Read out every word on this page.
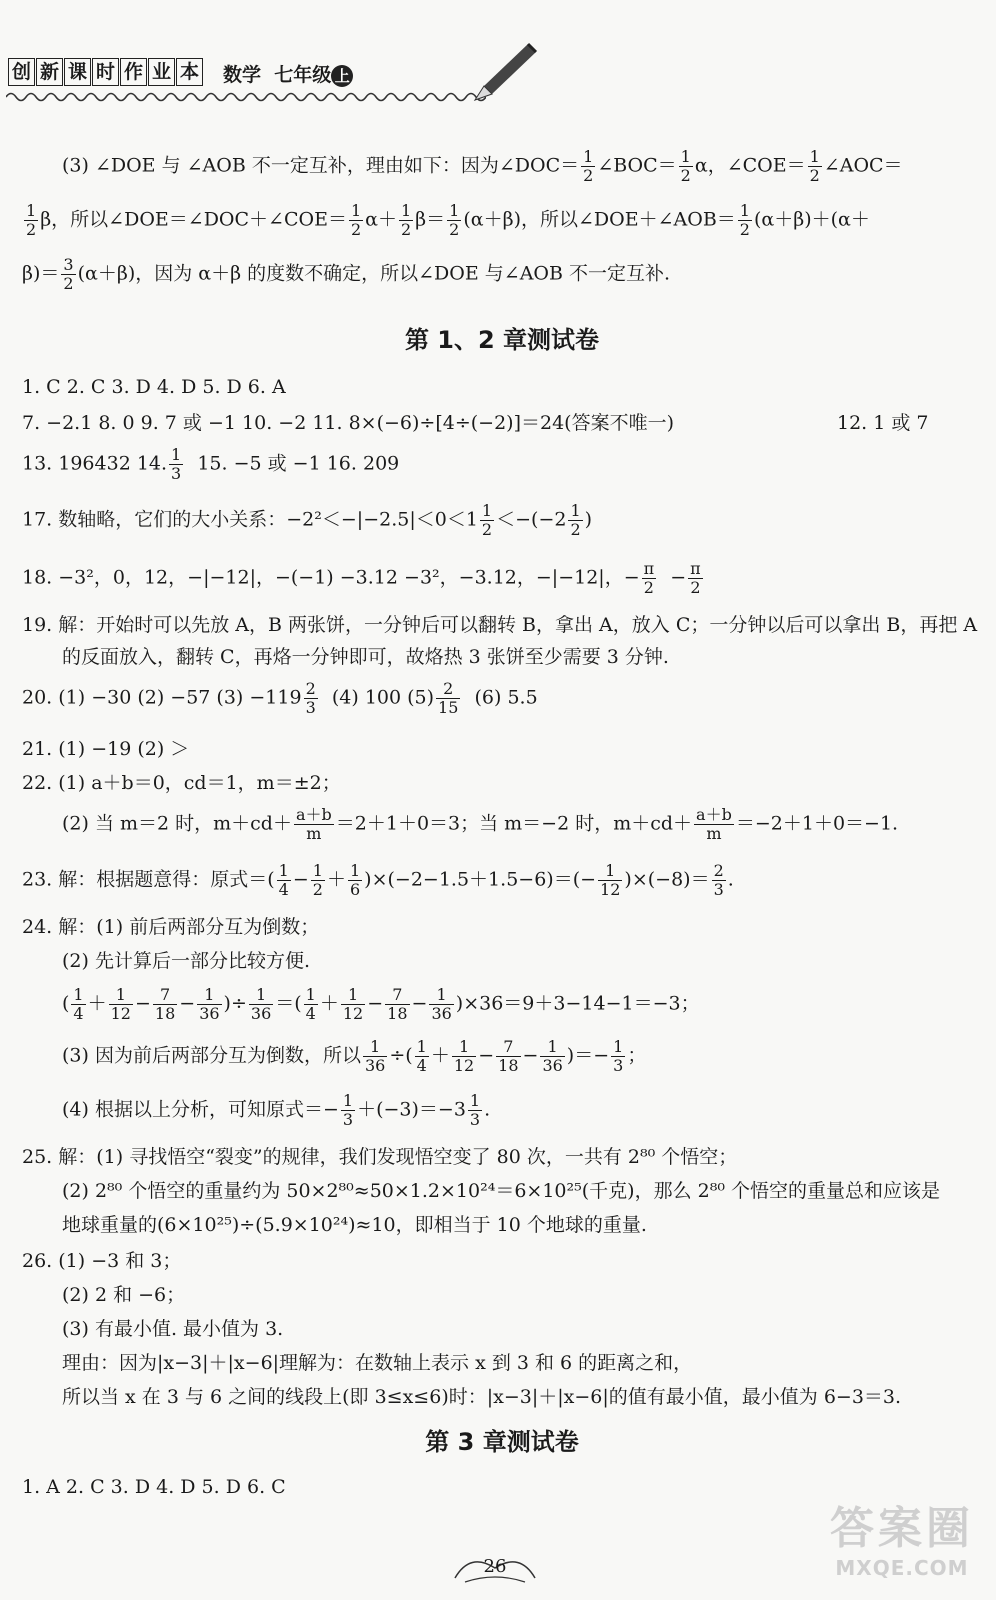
创 新 课 时 作 业 本 数学 七年级 上
(3) ∠DOE 与 ∠AOB 不一定互补，理由如下：因为∠DOC＝ $\frac{1}{2}$ ∠BOC＝ $\frac{1}{2}$ α，∠COE＝ $\frac{1}{2}$ ∠AOC＝
$\frac{1}{2}$ β，所以∠DOE＝∠DOC＋∠COE＝ $\frac{1}{2} \alpha+ \frac{1}{2} \beta= \frac{1}{2} (\alpha+\beta)$，所以∠DOE＋∠AOB＝ $\frac{1}{2} (\alpha+\beta)+(\alpha+$
$\beta)= \frac{3}{2} (\alpha+\beta)$，因为 α＋β 的度数不确定，所以∠DOE 与∠AOB 不一定互补.
第 1、2 章测试卷
1. C 2. C 3. D 4. D 5. D 6. A
7. −2.1 8. 0 9. 7 或 −1 10. −2 11. 8×(−6)÷[4÷(−2)]＝24(答案不唯一)	12. 1 或 7
13. 196432 14. $\frac{1}{3} 15$. −5 或 −1 16. 209
17. 数轴略，它们的大小关系：$-2^2<-|-2.5|<0<1 \frac{1}{2} <-(-2 \frac{1}{2}$ )
18. −3²，0，12，−|−12|，−(−1) −3.12 −3²，−3.12，−|−12|，− $\frac{\pi}{2} - \frac{\pi}{2}$
19. 解：开始时可以先放 A，B 两张饼，一分钟后可以翻转 B，拿出 A，放入 C；一分钟以后可以拿出 B，再把 A
的反面放入，翻转 C，再烙一分钟即可，故烙热 3 张饼至少需要 3 分钟.
20. (1) −30 (2) −57 $(3) -119 \frac{2}{3} (4)$ 100 $(5) \frac{2}{15} (6)$ 5.5
21. (1) −19 (2) ＞
22. (1) a＋b＝0，cd＝1，m＝±2；
(2) 当 m＝2 时，$m+cd+ \frac{a+b}{m} =2+1+0=3$；当 m＝−2 时，$m+cd+ \frac{a+b}{m} =-2+1+0=-1$.
23. 解：根据题意得：原式＝( $\frac{1}{4} - \frac{1}{2} + \frac{1}{6} )\times(-2-1.5+1.5-6)=(- \frac{1}{12} )\times(-8)= \frac{2}{3}$ .
24. 解：(1) 前后两部分互为倒数；
(2) 先计算后一部分比较方便.
( $\frac{1}{4} + \frac{1}{12} - \frac{7}{18} - \frac{1}{36}$ )÷ $\frac{1}{36}$ ＝( $\frac{1}{4} + \frac{1}{12} - \frac{7}{18} - \frac{1}{36} )\times 36=9+3-14-1=-3$；
(3) 因为前后两部分互为倒数，所以 $\frac{1}{36}$ ÷( $\frac{1}{4} + \frac{1}{12} - \frac{7}{18} - \frac{1}{36}$ )＝− $\frac{1}{3}$ ；
(4) 根据以上分析，可知原式＝− $\frac{1}{3} +(-3)=-3 \frac{1}{3}$ .
25. 解：(1) 寻找悟空“裂变”的规律，我们发现悟空变了 80 次，一共有 2⁸⁰ 个悟空；
(2) 2⁸⁰ 个悟空的重量约为 50×2⁸⁰≈50×1.2×10²⁴＝6×10²⁵(千克)，那么 2⁸⁰ 个悟空的重量总和应该是
地球重量的(6×10²⁵)÷(5.9×10²⁴)≈10，即相当于 10 个地球的重量.
26. (1) −3 和 3；
(2) 2 和 −6；
(3) 有最小值. 最小值为 3.
理由：因为|x−3|＋|x−6|理解为：在数轴上表示 x 到 3 和 6 的距离之和，
所以当 x 在 3 与 6 之间的线段上(即 3≤x≤6)时：|x−3|＋|x−6|的值有最小值，最小值为 6−3＝3.
第 3 章测试卷
1. A 2. C 3. D 4. D 5. D 6. C
26
答案圈
MXQE.COM
